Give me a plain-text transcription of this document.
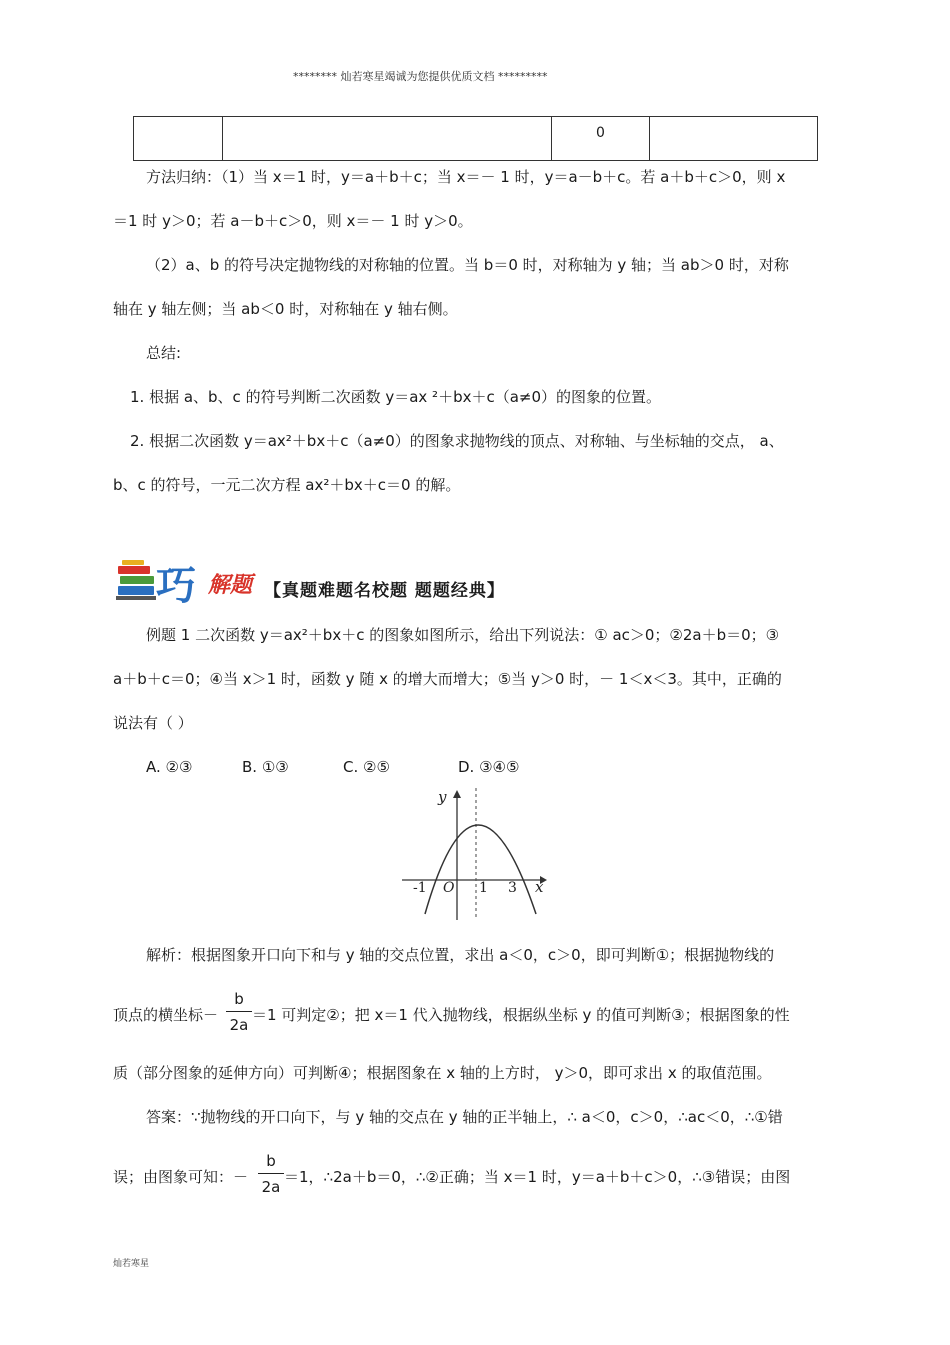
******** 灿若寒星竭诚为您提供优质文档 *********
		0	
方法归纳：（1）当 x＝1 时，y＝a＋b＋c；当 x＝－ 1 时，y＝a－b＋c。若 a＋b＋c＞0，则 x
＝1 时 y＞0；若 a－b＋c＞0，则 x＝－ 1 时 y＞0。
（2）a、b 的符号决定抛物线的对称轴的位置。当 b＝0 时，对称轴为 y 轴；当 ab＞0 时，对称
轴在 y 轴左侧；当 ab＜0 时，对称轴在 y 轴右侧。
总结:
1. 根据 a、b、c 的符号判断二次函数 y＝ax ²＋bx＋c（a≠0）的图象的位置。
2. 根据二次函数 y＝ax²＋bx＋c（a≠0）的图象求抛物线的顶点、对称轴、与坐标轴的交点， a、
b、c 的符号，一元二次方程 ax²＋bx＋c＝0 的解。
巧 解题 【真题难题名校题 题题经典】
例题 1 二次函数 y＝ax²＋bx＋c 的图象如图所示，给出下列说法：① ac＞0；②2a＋b＝0；③
a＋b＋c＝0；④当 x＞1 时，函数 y 随 x 的增大而增大；⑤当 y＞0 时，－ 1＜x＜3。其中，正确的
说法有（ ）
A. ②③	B. ①③	C. ②⑤	D. ③④⑤
y
x
O
-1	1 3
解析：根据图象开口向下和与 y 轴的交点位置，求出 a＜0，c＞0，即可判断①；根据抛物线的
顶点的横坐标－
b
2a
＝1 可判定②；把 x＝1 代入抛物线，根据纵坐标 y 的值可判断③；根据图象的性
质（部分图象的延伸方向）可判断④；根据图象在 x 轴的上方时， y＞0，即可求出 x 的取值范围。
答案：∵抛物线的开口向下，与 y 轴的交点在 y 轴的正半轴上，∴ a＜0，c＞0，∴ac＜0，∴①错
误；由图象可知：－
b
2a
＝1，∴2a＋b＝0，∴②正确；当 x＝1 时，y＝a＋b＋c＞0，∴③错误；由图
灿若寒星
